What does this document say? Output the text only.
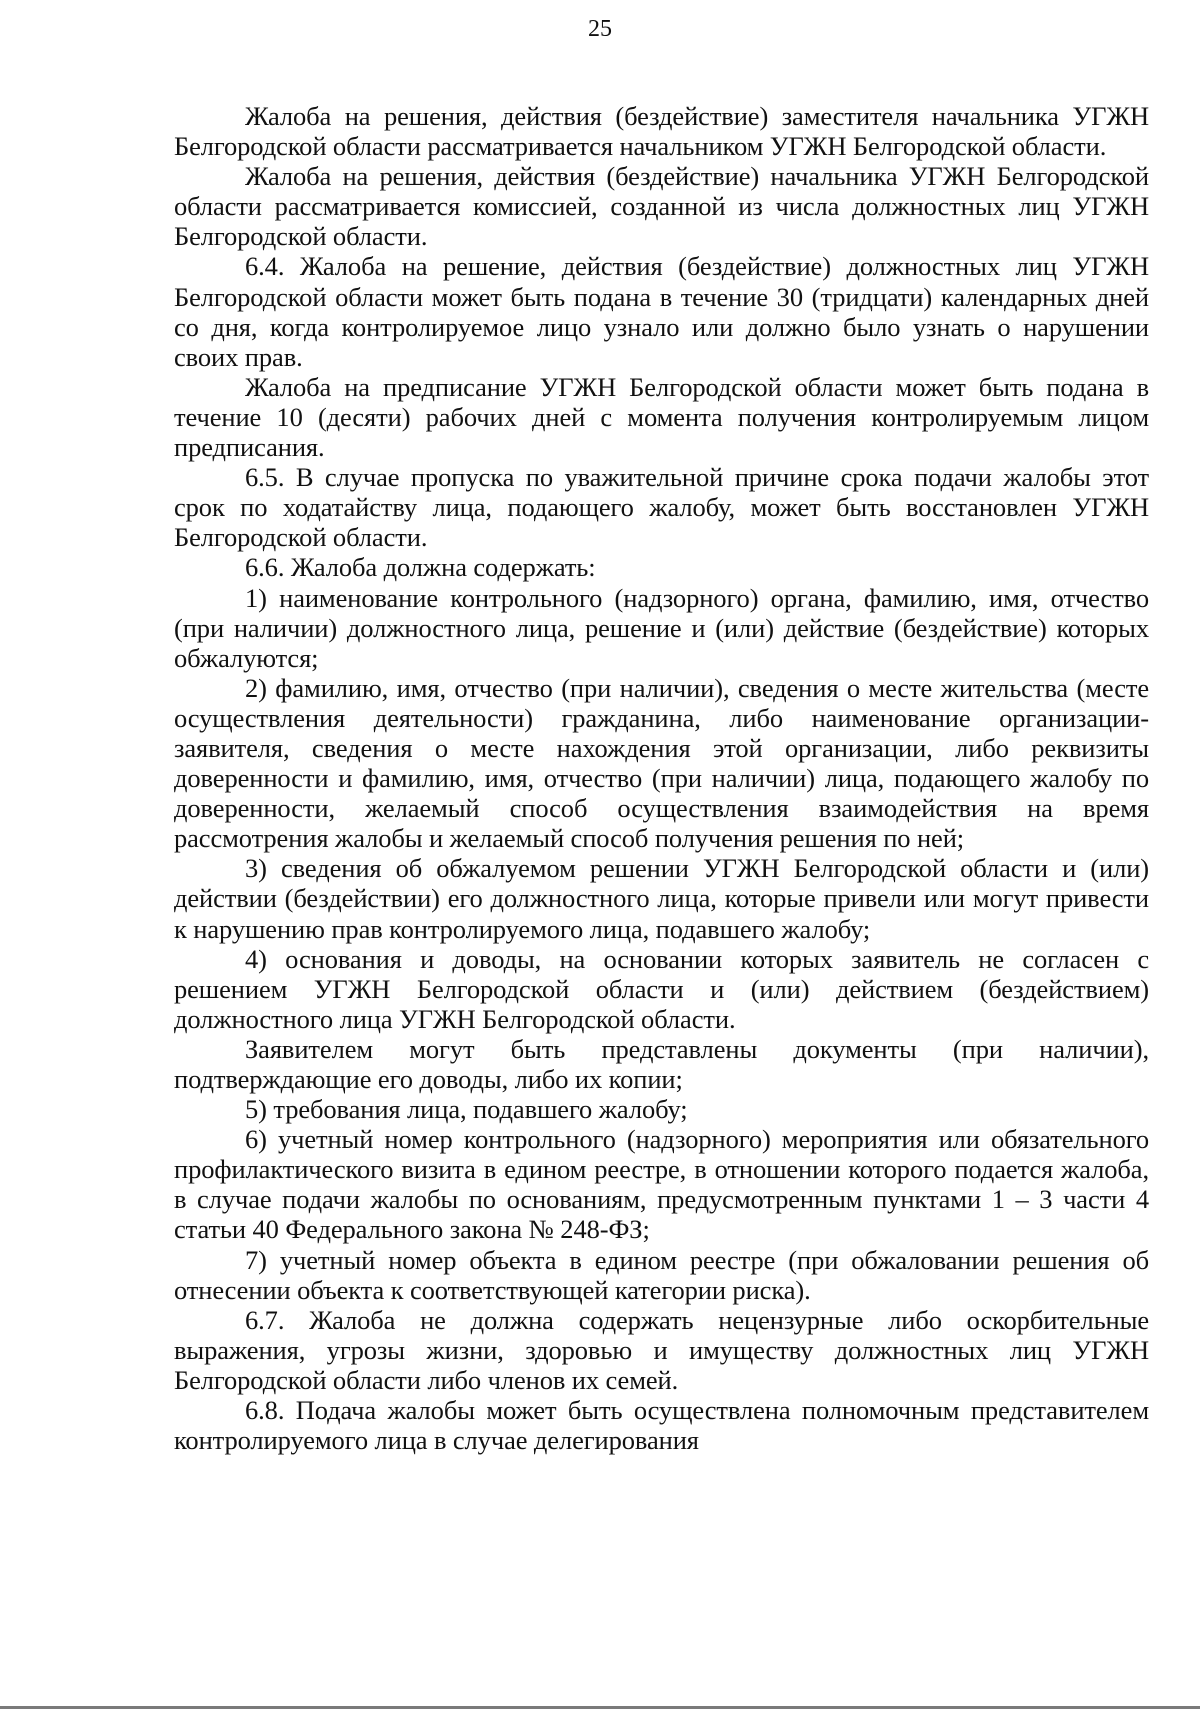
25

Жалоба на решения, действия (бездействие) заместителя начальника УГЖН Белгородской области рассматривается начальником УГЖН Белгородской области.

Жалоба на решения, действия (бездействие) начальника УГЖН Белгородской области рассматривается комиссией, созданной из числа должностных лиц УГЖН Белгородской области.

6.4. Жалоба на решение, действия (бездействие) должностных лиц УГЖН Белгородской области может быть подана в течение 30 (тридцати) календарных дней со дня, когда контролируемое лицо узнало или должно было узнать о нарушении своих прав.

Жалоба на предписание УГЖН Белгородской области может быть подана в течение 10 (десяти) рабочих дней с момента получения контролируемым лицом предписания.

6.5. В случае пропуска по уважительной причине срока подачи жалобы этот срок по ходатайству лица, подающего жалобу, может быть восстановлен УГЖН Белгородской области.

6.6. Жалоба должна содержать:

1) наименование контрольного (надзорного) органа, фамилию, имя, отчество (при наличии) должностного лица, решение и (или) действие (бездействие) которых обжалуются;

2) фамилию, имя, отчество (при наличии), сведения о месте жительства (месте осуществления деятельности) гражданина, либо наименование организации-заявителя, сведения о месте нахождения этой организации, либо реквизиты доверенности и фамилию, имя, отчество (при наличии) лица, подающего жалобу по доверенности, желаемый способ осуществления взаимодействия на время рассмотрения жалобы и желаемый способ получения решения по ней;

3) сведения об обжалуемом решении УГЖН Белгородской области и (или) действии (бездействии) его должностного лица, которые привели или могут привести к нарушению прав контролируемого лица, подавшего жалобу;

4) основания и доводы, на основании которых заявитель не согласен с решением УГЖН Белгородской области и (или) действием (бездействием) должностного лица УГЖН Белгородской области.

Заявителем могут быть представлены документы (при наличии), подтверждающие его доводы, либо их копии;

5) требования лица, подавшего жалобу;

6) учетный номер контрольного (надзорного) мероприятия или обязательного профилактического визита в едином реестре, в отношении которого подается жалоба, в случае подачи жалобы по основаниям, предусмотренным пунктами 1 – 3 части 4 статьи 40 Федерального закона № 248-ФЗ;

7) учетный номер объекта в едином реестре (при обжаловании решения об отнесении объекта к соответствующей категории риска).

6.7. Жалоба не должна содержать нецензурные либо оскорбительные выражения, угрозы жизни, здоровью и имуществу должностных лиц УГЖН Белгородской области либо членов их семей.

6.8. Подача жалобы может быть осуществлена полномочным представителем контролируемого лица в случае делегирования
